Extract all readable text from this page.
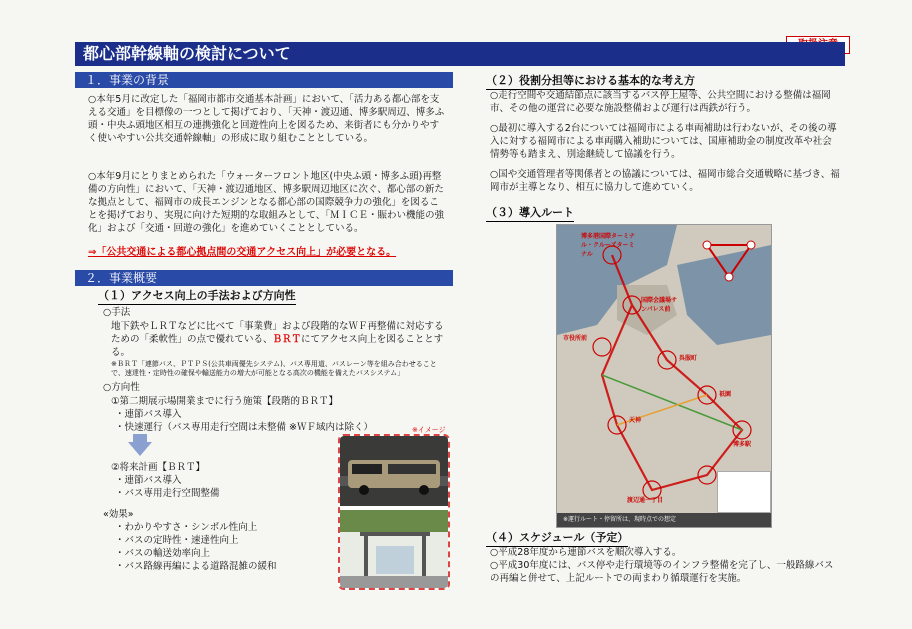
都心部幹線軸の検討について
１．事業の背景
○本年5月に改定した「福岡市都市交通基本計画」において、「活力ある都心部を支える交通」を目標像の一つとして掲げており、「天神・渡辺通、博多駅周辺、博多ふ頭・中央ふ頭地区相互の連携強化と回遊性向上を図るため、来街者にも分かりやすく使いやすい公共交通幹線軸」の形成に取り組むこととしている。
○本年9月にとりまとめられた「ウォーターフロント地区(中央ふ頭・博多ふ頭)再整備の方向性」において、「天神・渡辺通地区、博多駅周辺地区に次ぐ、都心部の新たな拠点として、福岡市の成長エンジンとなる都心部の国際競争力の強化」を図ることを掲げており、実現に向けた短期的な取組みとして、「ＭＩＣＥ・賑わい機能の強化」および「交通・回遊の強化」を進めていくこととしている。
⇒「公共交通による都心拠点間の交通アクセス向上」が必要となる。
２．事業概要
（１）アクセス向上の手法および方向性
○手法
地下鉄やＬＲＴなどに比べて「事業費」および段階的なＷＦ再整備に対応するための「柔軟性」の点で優れている、ＢＲＴにてアクセス向上を図ることとする。
※ＢＲＴ「連節バス、ＰＴＰＳ(公共車両優先システム)、バス専用道、バスレーン等を組み合わせることで、速達性・定時性の確保や輸送能力の増大が可能となる高次の機能を備えたバスシステム」
○方向性
①第二期展示場開業までに行う施策【段階的ＢＲＴ】
・連節バス導入
・快速運行（バス専用走行空間は未整備 ※ＷＦ域内は除く）
②将来計画【ＢＲＴ】
・連節バス導入
・バス専用走行空間整備
«効果»
・わかりやすさ・シンボル性向上
・バスの定時性・速達性向上
・バスの輸送効率向上
・バス路線再編による道路混雑の緩和
※イメージ
（２）役割分担等における基本的な考え方
○走行空間や交通結節点に該当するバス停上屋等、公共空間における整備は福岡市、その他の運営に必要な施設整備および運行は西鉄が行う。
○最初に導入する2台については福岡市による車両補助は行わないが、その後の導入に対する福岡市による車両購入補助については、国庫補助金の制度改革や社会情勢等も踏まえ、別途継続して協議を行う。
○国や交通管理者等関係者との協議については、福岡市総合交通戦略に基づき、福岡市が主導となり、相互に協力して進めていく。
（３）導入ルート
博多港国際ターミナル・クルーズターミナル
国際会議場サンパレス前
市役所前
呉服町
天神
祇園
博多駅
渡辺通一丁目
※運行ルート・停留所は、現時点での想定
（４）スケジュール（予定）
○平成28年度から連節バスを順次導入する。
○平成30年度には、バス停や走行環境等のインフラ整備を完了し、一般路線バスの再編と併せて、上記ルートでの両まわり循環運行を実施。
